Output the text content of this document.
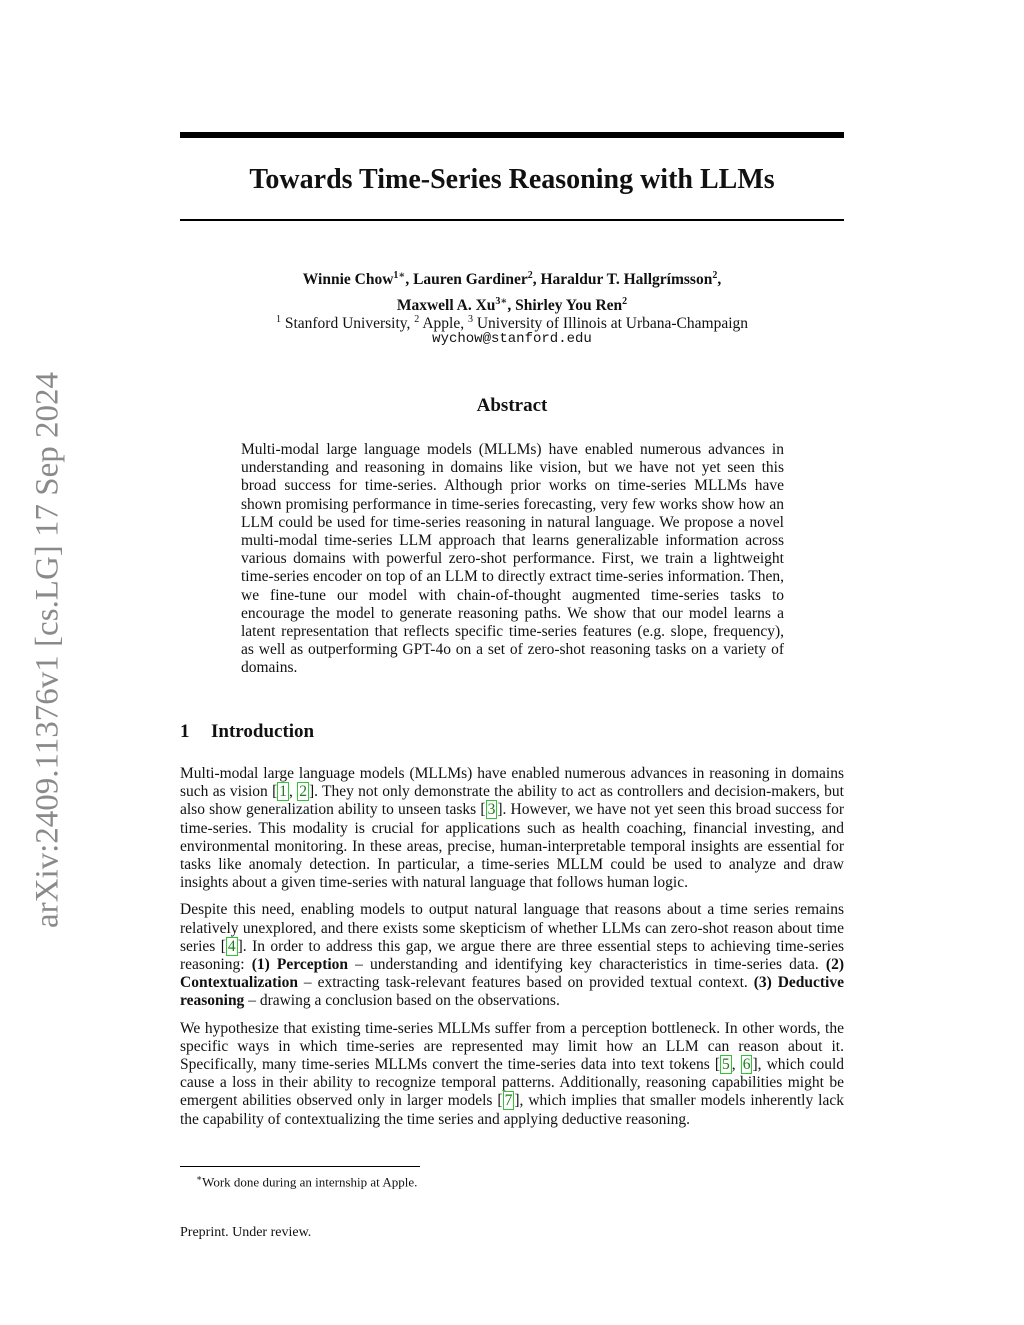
arXiv:2409.11376v1 [cs.LG] 17 Sep 2024
Towards Time-Series Reasoning with LLMs
Winnie Chow$^{1∗}$, Lauren Gardiner$^2$, Haraldur T. Hallgrímsson$^2$,
Maxwell A. $Xu^{3∗}$, Shirley You Ren$^2$
$^1$ Stanford University, $^2$ Apple, $^3$ University of Illinois at Urbana-Champaign
wychow@stanford.edu
Abstract
Multi-modal large language models (MLLMs) have enabled numerous advances in understanding and reasoning in domains like vision, but we have not yet seen this broad success for time-series. Although prior works on time-series MLLMs have shown promising performance in time-series forecasting, very few works show how an LLM could be used for time-series reasoning in natural language. We propose a novel multi-modal time-series LLM approach that learns generalizable information across various domains with powerful zero-shot performance. First, we train a lightweight time-series encoder on top of an LLM to directly extract time-series information. Then, we fine-tune our model with chain-of-thought augmented time-series tasks to encourage the model to generate reasoning paths. We show that our model learns a latent representation that reflects specific time-series features (e.g. slope, frequency), as well as outperforming GPT-4o on a set of zero-shot reasoning tasks on a variety of domains.
1 Introduction

Multi-modal large language models (MLLMs) have enabled numerous advances in reasoning in domains such as vision [ 1 , 2 ]. They not only demonstrate the ability to act as controllers and decision-makers, but also show generalization ability to unseen tasks [ 3 ]. However, we have not yet seen this broad success for time-series. This modality is crucial for applications such as health coaching, financial investing, and environmental monitoring. In these areas, precise, human-interpretable temporal insights are essential for tasks like anomaly detection. In particular, a time-series MLLM could be used to analyze and draw insights about a given time-series with natural language that follows human logic.

Despite this need, enabling models to output natural language that reasons about a time series remains relatively unexplored, and there exists some skepticism of whether LLMs can zero-shot reason about time series [ 4 ]. In order to address this gap, we argue there are three essential steps to achieving time-series reasoning: (1) Perception – understanding and identifying key characteristics in time-series data. (2) Contextualization – extracting task-relevant features based on provided textual context. (3) Deductive reasoning – drawing a conclusion based on the observations.

We hypothesize that existing time-series MLLMs suffer from a perception bottleneck. In other words, the specific ways in which time-series are represented may limit how an LLM can reason about it. Specifically, many time-series MLLMs convert the time-series data into text tokens [ 5 , 6 ], which could cause a loss in their ability to recognize temporal patterns. Additionally, reasoning capabilities might be emergent abilities observed only in larger models [ 7 ], which implies that smaller models inherently lack the capability of contextualizing the time series and applying deductive reasoning.

∗Work done during an internship at Apple.
Preprint. Under review.
